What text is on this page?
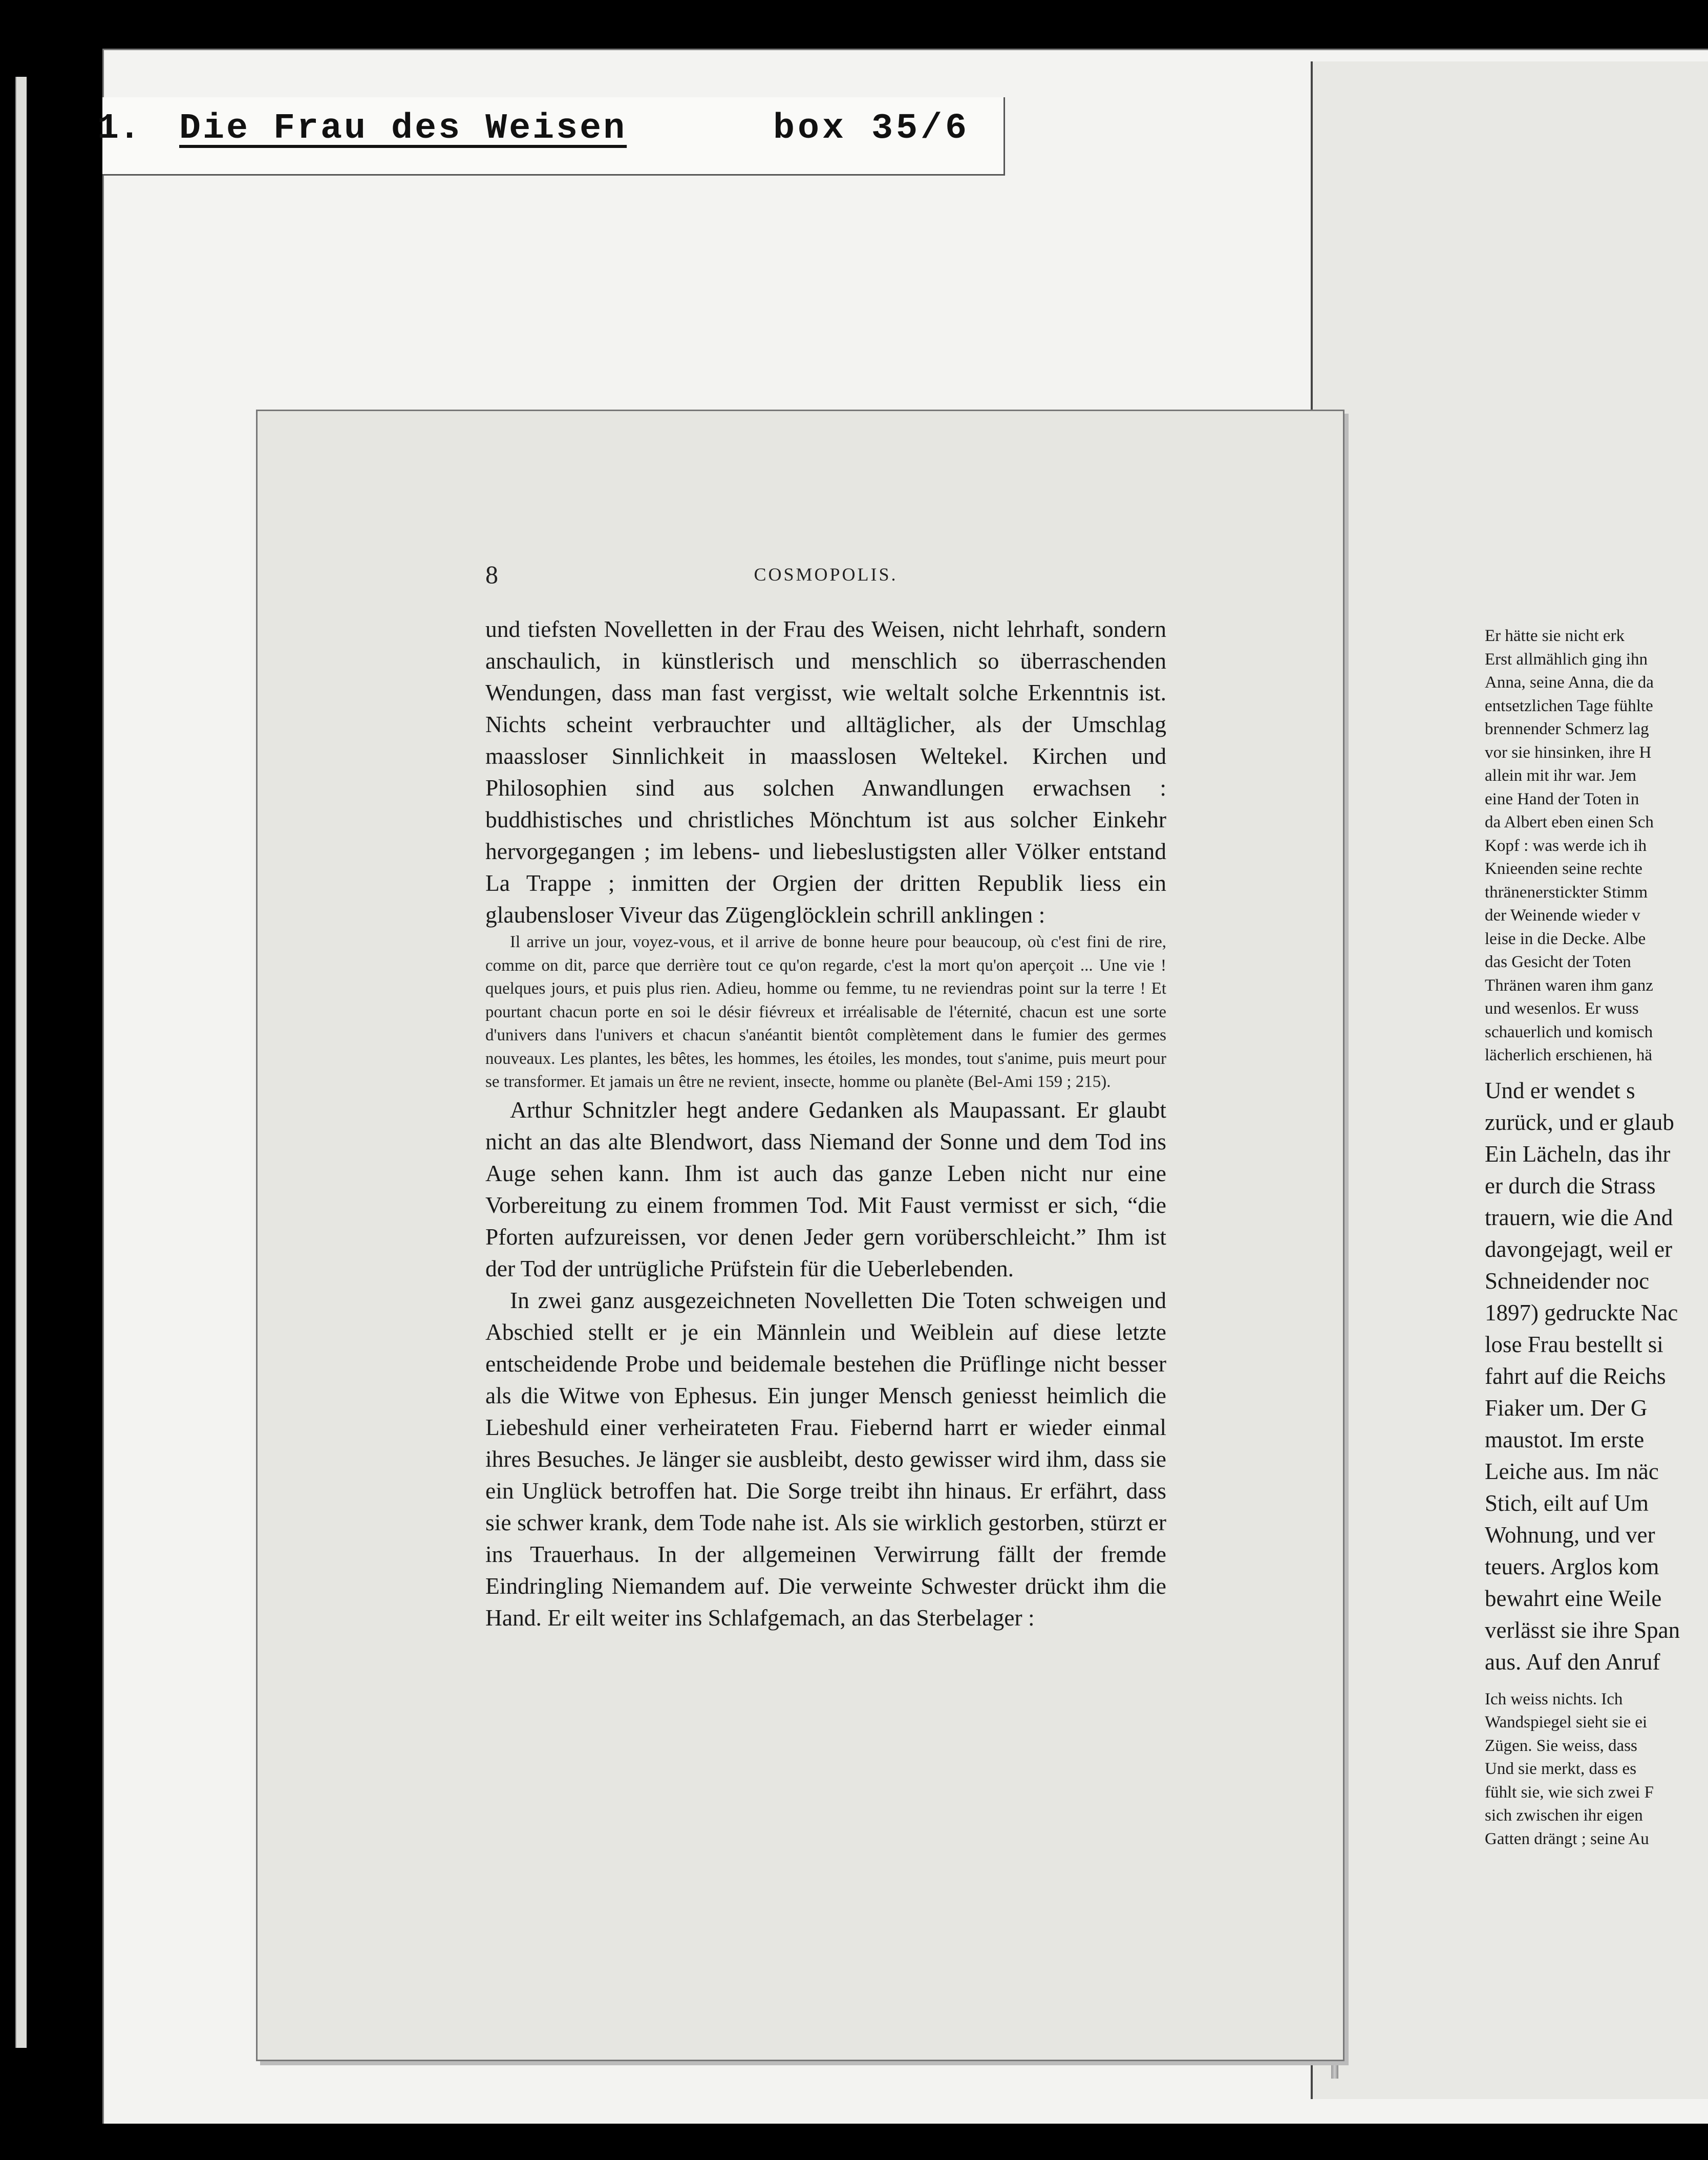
1. Die Frau des Weisen	box 35/6
8	COSMOPOLIS.

und tiefsten Novelletten in der Frau des Weisen, nicht lehrhaft, sondern anschaulich, in künstlerisch und menschlich so überraschenden Wendungen, dass man fast vergisst, wie weltalt solche Erkenntnis ist. Nichts scheint verbrauchter und alltäglicher, als der Umschlag maassloser Sinnlichkeit in maasslosen Weltekel. Kirchen und Philosophien sind aus solchen Anwandlungen erwachsen : buddhistisches und christliches Mönchtum ist aus solcher Einkehr hervorgegangen ; im lebens- und liebeslustigsten aller Völker entstand La Trappe ; inmitten der Orgien der dritten Republik liess ein glaubensloser Viveur das Zügenglöcklein schrill anklingen :

Il arrive un jour, voyez-vous, et il arrive de bonne heure pour beaucoup, où c'est fini de rire, comme on dit, parce que derrière tout ce qu'on regarde, c'est la mort qu'on aperçoit ... Une vie ! quelques jours, et puis plus rien. Adieu, homme ou femme, tu ne reviendras point sur la terre ! Et pourtant chacun porte en soi le désir fiévreux et irréalisable de l'éternité, chacun est une sorte d'univers dans l'univers et chacun s'anéantit bientôt complètement dans le fumier des germes nouveaux. Les plantes, les bêtes, les hommes, les étoiles, les mondes, tout s'anime, puis meurt pour se transformer. Et jamais un être ne revient, insecte, homme ou planète (Bel-Ami 159 ; 215).

Arthur Schnitzler hegt andere Gedanken als Maupassant. Er glaubt nicht an das alte Blendwort, dass Niemand der Sonne und dem Tod ins Auge sehen kann. Ihm ist auch das ganze Leben nicht nur eine Vorbereitung zu einem frommen Tod. Mit Faust vermisst er sich, “die Pforten aufzureissen, vor denen Jeder gern vorüberschleicht.” Ihm ist der Tod der untrügliche Prüfstein für die Ueberlebenden.

In zwei ganz ausgezeichneten Novelletten Die Toten schweigen und Abschied stellt er je ein Männlein und Weiblein auf diese letzte entscheidende Probe und beidemale bestehen die Prüflinge nicht besser als die Witwe von Ephesus. Ein junger Mensch geniesst heimlich die Liebeshuld einer verheirateten Frau. Fiebernd harrt er wieder einmal ihres Besuches. Je länger sie ausbleibt, desto gewisser wird ihm, dass sie ein Unglück betroffen hat. Die Sorge treibt ihn hinaus. Er erfährt, dass sie schwer krank, dem Tode nahe ist. Als sie wirklich gestorben, stürzt er ins Trauerhaus. In der allgemeinen Verwirrung fällt der fremde Eindringling Niemandem auf. Die verweinte Schwester drückt ihm die Hand. Er eilt weiter ins Schlafgemach, an das Sterbelager :

Er hätte sie nicht erk
Erst allmählich ging ihn
Anna, seine Anna, die da
entsetzlichen Tage fühlte
brennender Schmerz lag
vor sie hinsinken, ihre H
allein mit ihr war. Jem
eine Hand der Toten in
da Albert eben einen Sch
Kopf : was werde ich ih
Knieenden seine rechte
thränenerstickter Stimm
der Weinende wieder v
leise in die Decke. Albe
das Gesicht der Toten
Thränen waren ihm ganz
und wesenlos. Er wuss
schauerlich und komisch
lächerlich erschienen, hä
Und er wendet s
zurück, und er glaub
Ein Lächeln, das ihr
er durch die Strass
trauern, wie die And
davongejagt, weil er
Schneidender noc
1897) gedruckte Nac
lose Frau bestellt si
fahrt auf die Reichs
Fiaker um. Der G
maustot. Im erste
Leiche aus. Im näc
Stich, eilt auf Um
Wohnung, und ver
teuers. Arglos kom
bewahrt eine Weile
verlässt sie ihre Span
aus. Auf den Anruf
Ich weiss nichts. Ich
Wandspiegel sieht sie ei
Zügen. Sie weiss, dass
Und sie merkt, dass es
fühlt sie, wie sich zwei F
sich zwischen ihr eigen
Gatten drängt ; seine Au
